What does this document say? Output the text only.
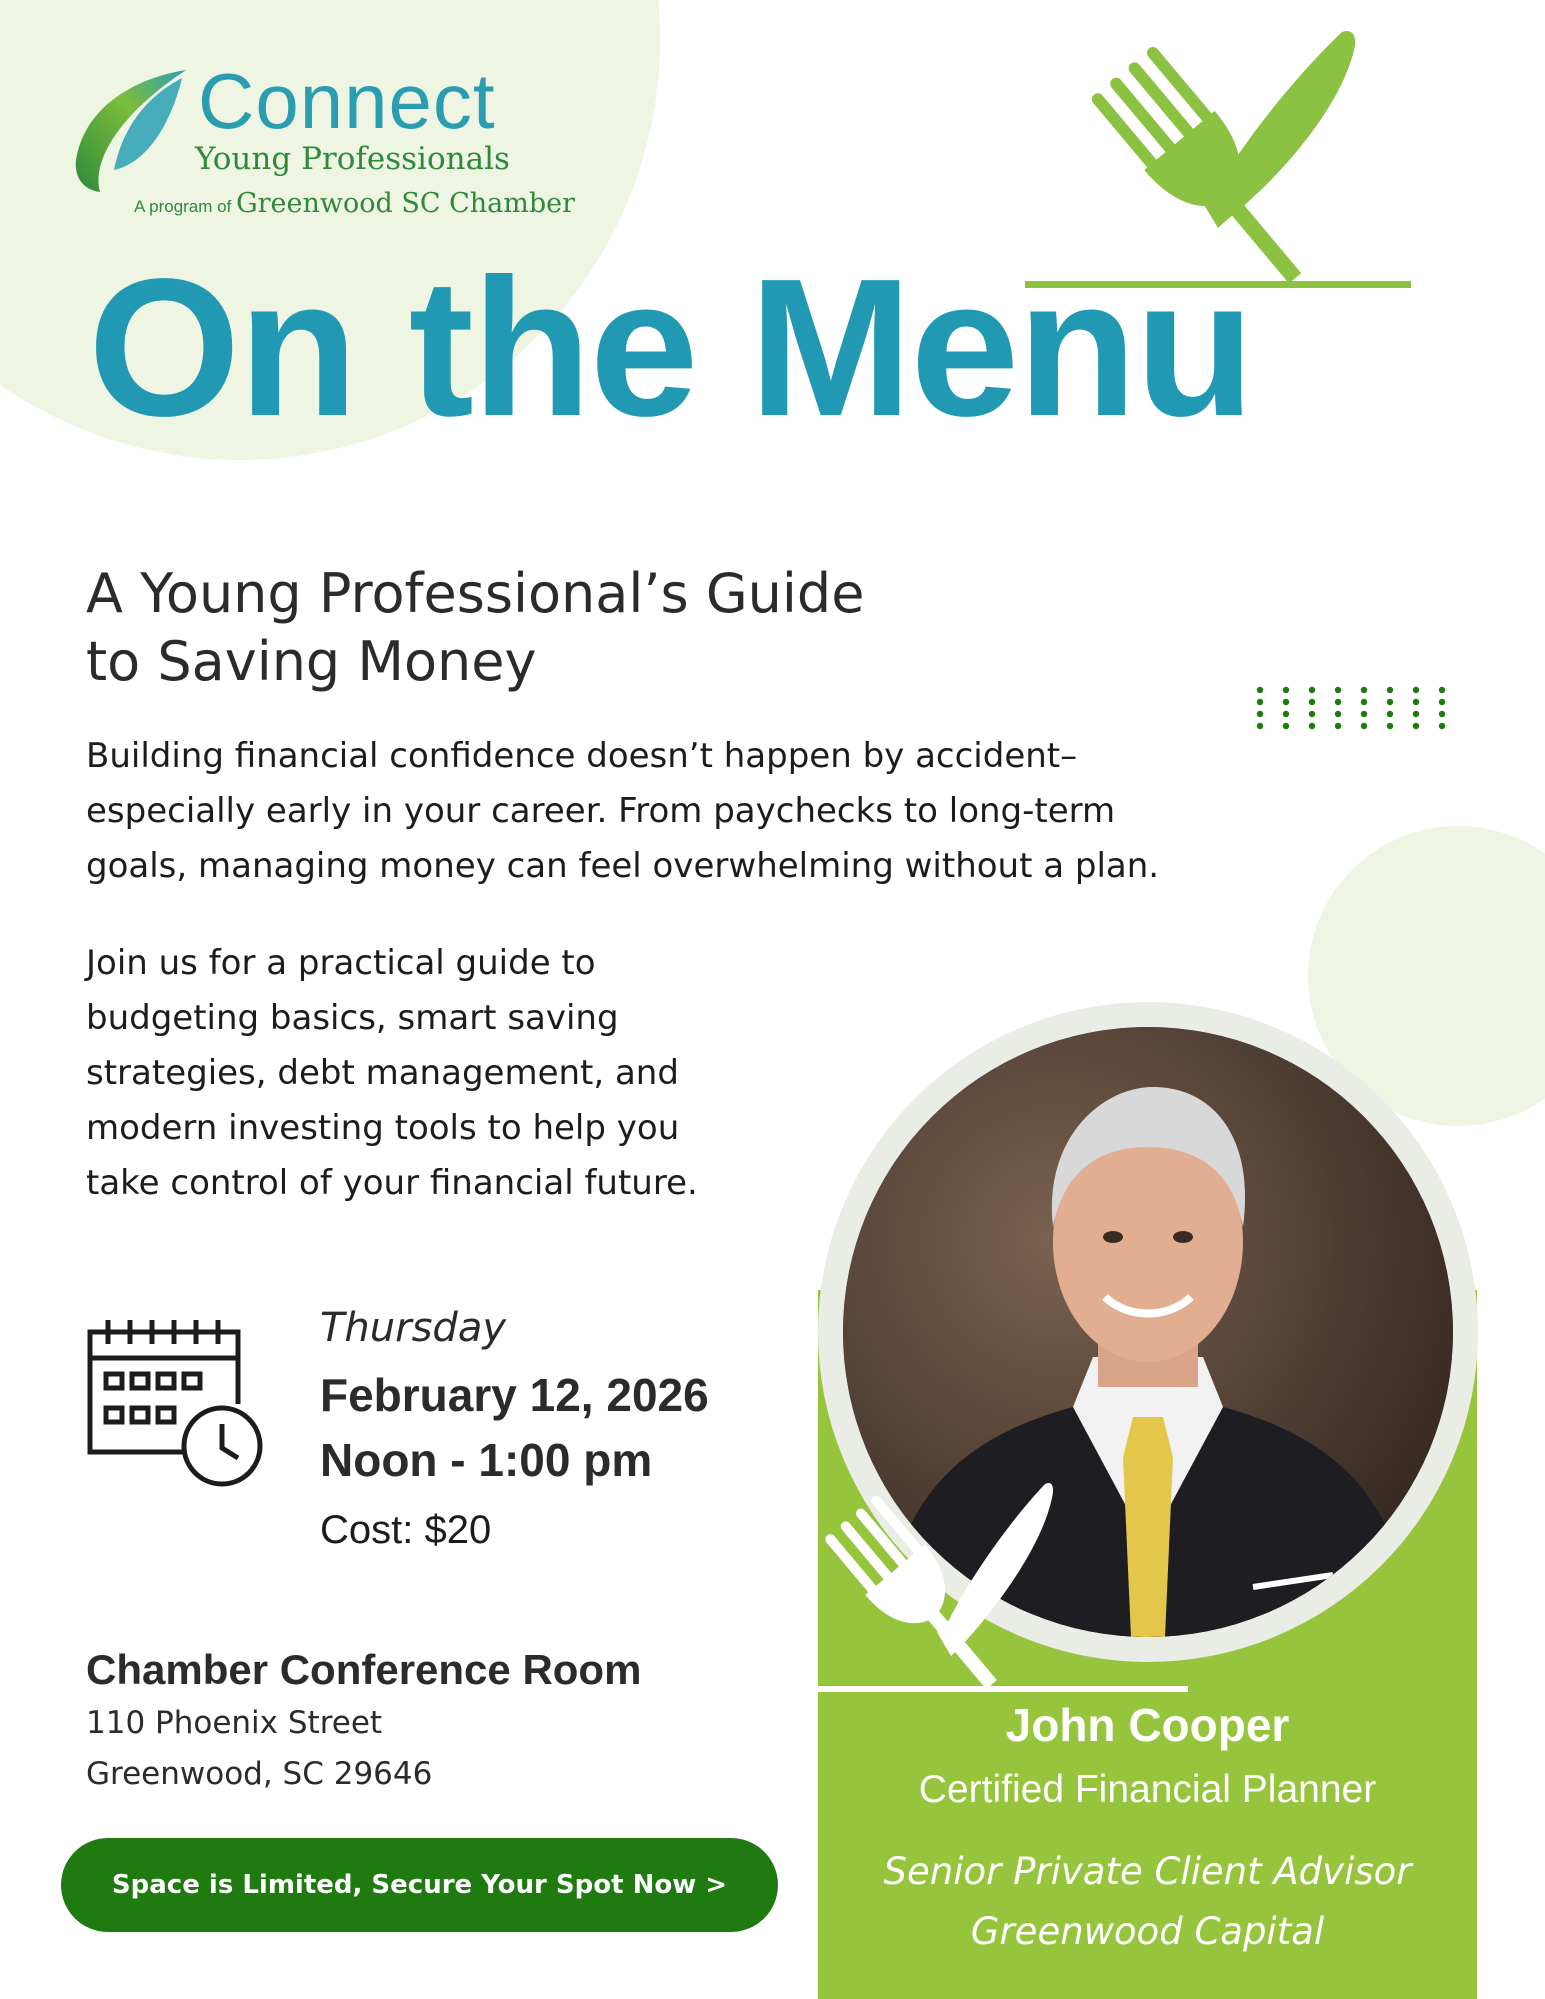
Connect
Young Professionals
A program of Greenwood SC Chamber
On the Menu
A Young Professional’s Guide
to Saving Money
Building financial confidence doesn’t happen by accident–
especially early in your career. From paychecks to long-term
goals, managing money can feel overwhelming without a plan.
Join us for a practical guide to
budgeting basics, smart saving
strategies, debt management, and
modern investing tools to help you
take control of your financial future.
Thursday
February 12, 2026
Noon - 1:00 pm
Cost: $20
Chamber Conference Room
110 Phoenix Street
Greenwood, SC 29646
Space is Limited, Secure Your Spot Now >
John Cooper
Certified Financial Planner
Senior Private Client Advisor
Greenwood Capital
